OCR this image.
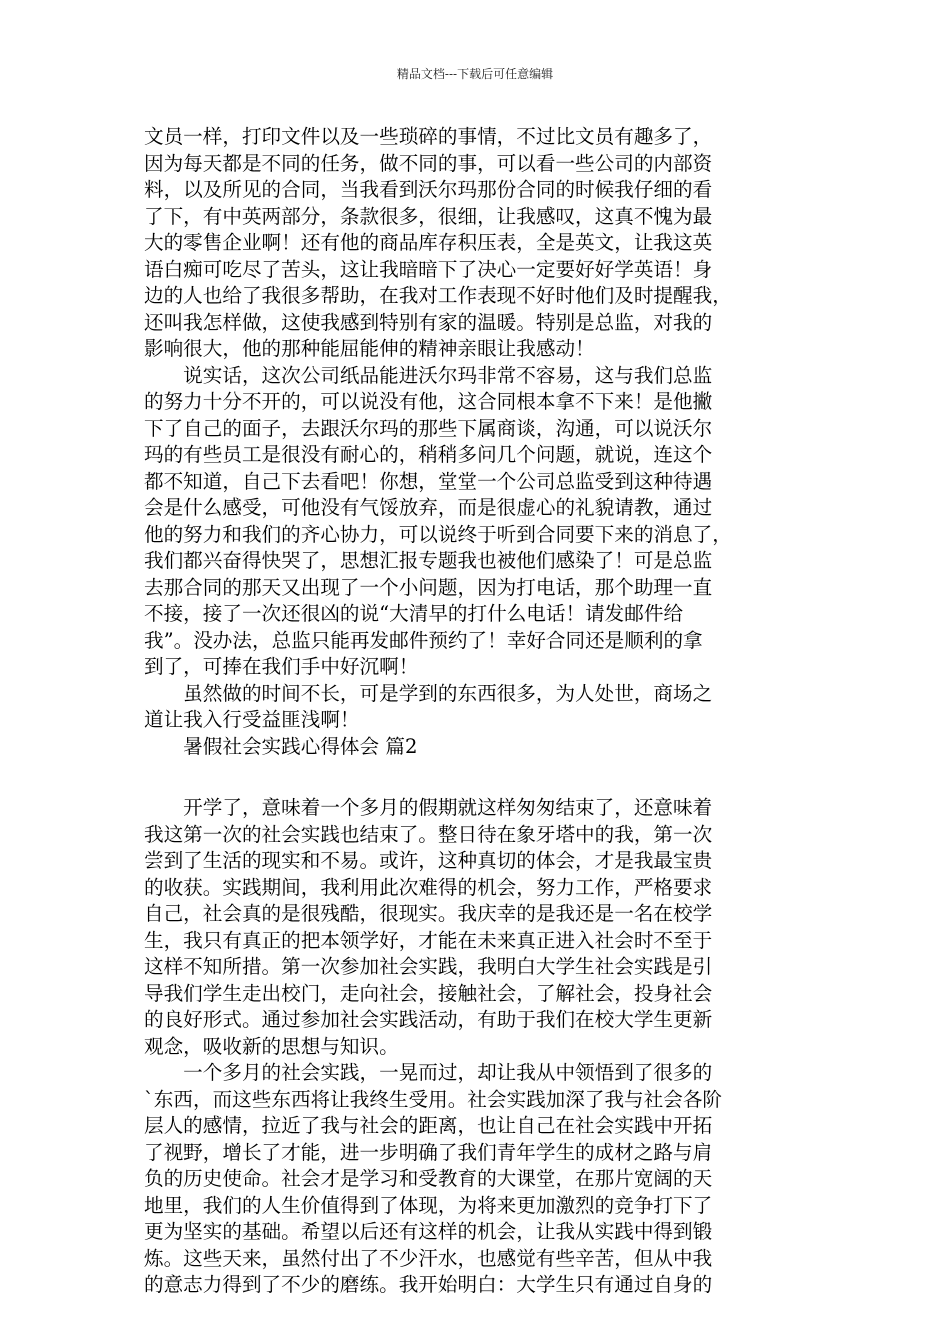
精品文档---下载后可任意编辑
文员一样，打印文件以及一些琐碎的事情，不过比文员有趣多了，
因为每天都是不同的任务，做不同的事，可以看一些公司的内部资
料，以及所见的合同，当我看到沃尔玛那份合同的时候我仔细的看
了下，有中英两部分，条款很多，很细，让我感叹，这真不愧为最
大的零售企业啊！还有他的商品库存积压表，全是英文，让我这英
语白痴可吃尽了苦头，这让我暗暗下了决心一定要好好学英语！身
边的人也给了我很多帮助，在我对工作表现不好时他们及时提醒我，
还叫我怎样做，这使我感到特别有家的温暖。特别是总监，对我的
影响很大，他的那种能屈能伸的精神亲眼让我感动！
　　说实话，这次公司纸品能进沃尔玛非常不容易，这与我们总监
的努力十分不开的，可以说没有他，这合同根本拿不下来！是他撇
下了自己的面子，去跟沃尔玛的那些下属商谈，沟通，可以说沃尔
玛的有些员工是很没有耐心的，稍稍多问几个问题，就说，连这个
都不知道，自己下去看吧！你想，堂堂一个公司总监受到这种待遇
会是什么感受，可他没有气馁放弃，而是很虚心的礼貌请教，通过
他的努力和我们的齐心协力，可以说终于听到合同要下来的消息了，
我们都兴奋得快哭了，思想汇报专题我也被他们感染了！可是总监
去那合同的那天又出现了一个小问题，因为打电话，那个助理一直
不接，接了一次还很凶的说“大清早的打什么电话！请发邮件给
我”。没办法，总监只能再发邮件预约了！幸好合同还是顺利的拿
到了，可捧在我们手中好沉啊！
　　虽然做的时间不长，可是学到的东西很多，为人处世，商场之
道让我入行受益匪浅啊！
　　暑假社会实践心得体会 篇2
　　开学了，意味着一个多月的假期就这样匆匆结束了，还意味着
我这第一次的社会实践也结束了。整日待在象牙塔中的我，第一次
尝到了生活的现实和不易。或许，这种真切的体会，才是我最宝贵
的收获。实践期间，我利用此次难得的机会，努力工作，严格要求
自己，社会真的是很残酷，很现实。我庆幸的是我还是一名在校学
生，我只有真正的把本领学好，才能在未来真正进入社会时不至于
这样不知所措。第一次参加社会实践，我明白大学生社会实践是引
导我们学生走出校门，走向社会，接触社会，了解社会，投身社会
的良好形式。通过参加社会实践活动，有助于我们在校大学生更新
观念，吸收新的思想与知识。
　　一个多月的社会实践，一晃而过，却让我从中领悟到了很多的
`东西，而这些东西将让我终生受用。社会实践加深了我与社会各阶
层人的感情，拉近了我与社会的距离，也让自己在社会实践中开拓
了视野，增长了才能，进一步明确了我们青年学生的成材之路与肩
负的历史使命。社会才是学习和受教育的大课堂，在那片宽阔的天
地里，我们的人生价值得到了体现，为将来更加激烈的竞争打下了
更为坚实的基础。希望以后还有这样的机会，让我从实践中得到锻
炼。这些天来，虽然付出了不少汗水，也感觉有些辛苦，但从中我
的意志力得到了不少的磨练。我开始明白：大学生只有通过自身的
